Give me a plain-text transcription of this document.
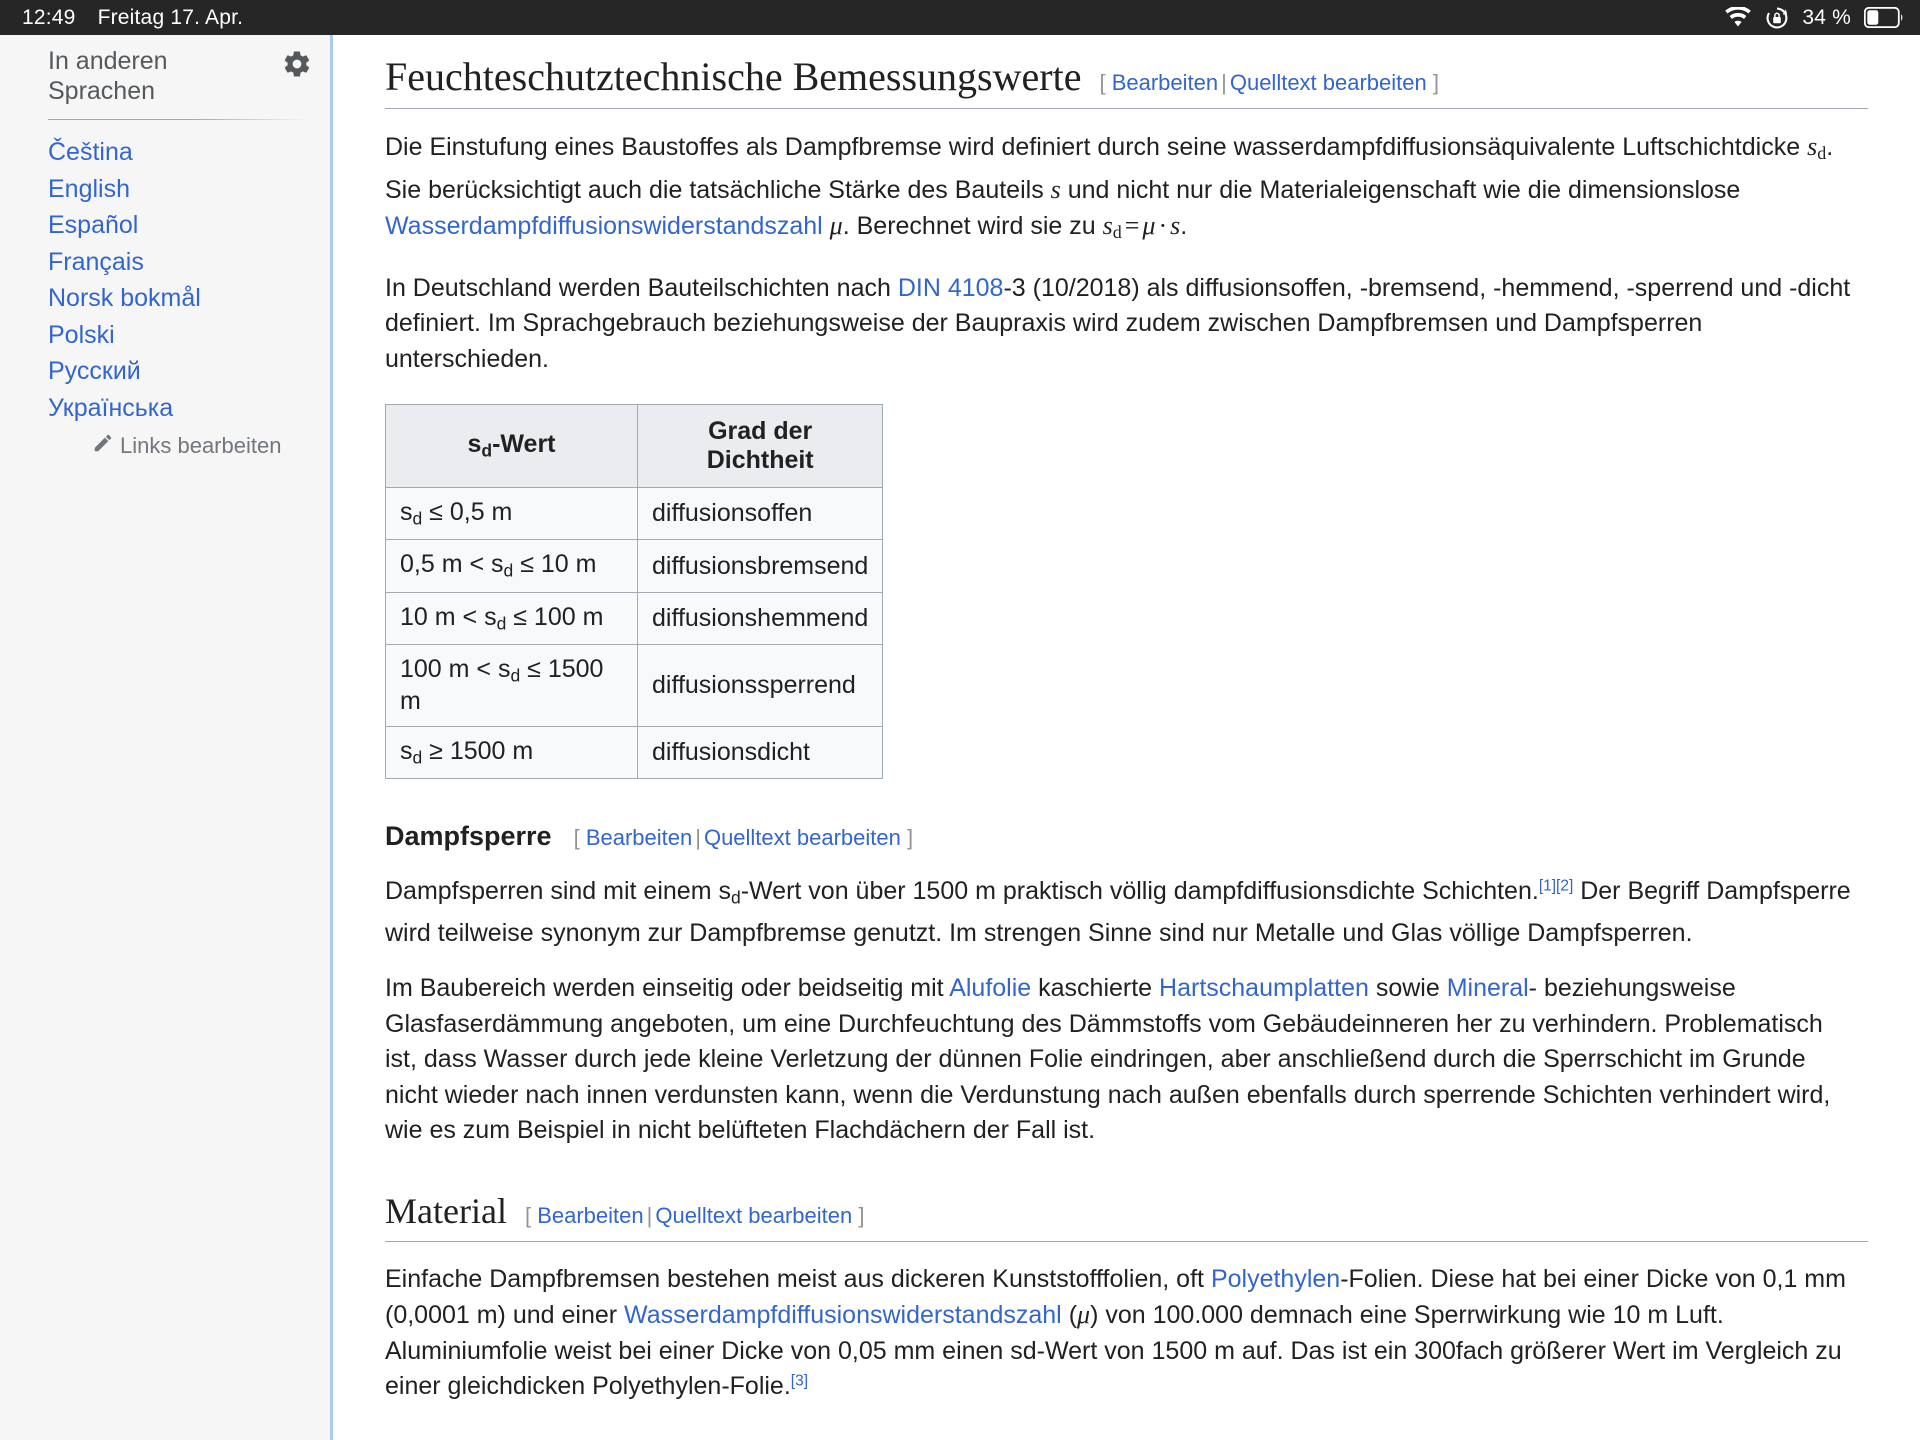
12:49 Freitag 17. Apr.	34 %
In anderen Sprachen
Čeština
English
Español
Français
Norsk bokmål
Polski
Русский
Українська
Links bearbeiten
Feuchteschutztechnische Bemessungswerte [ Bearbeiten | Quelltext bearbeiten ]

Die Einstufung eines Baustoffes als Dampfbremse wird definiert durch seine wasserdampfdiffusionsäquivalente Luftschichtdicke $s_d$. Sie berücksichtigt auch die tatsächliche Stärke des Bauteils s und nicht nur die Materialeigenschaft wie die dimensionslose Wasserdampfdiffusionswiderstandszahl μ. Berechnet wird sie zu $s_d = \mu \cdot s$.

In Deutschland werden Bauteilschichten nach DIN 4108-3 (10/2018) als diffusionsoffen, -bremsend, -hemmend, -sperrend und -dicht definiert. Im Sprachgebrauch beziehungsweise der Baupraxis wird zudem zwischen Dampfbremsen und Dampfsperren unterschieden.

$s_d$-Wert	Grad der Dichtheit
$s_d \le 0,5$ m	diffusionsoffen
0,5 $m < s_d \le 10$ m	diffusionsbremsend
10 $m < s_d \le 100$ m	diffusionshemmend
100 $m < s_d \le 1500$ m	diffusionssperrend
$s_d \ge 1500$ m	diffusionsdicht
Dampfsperre [ Bearbeiten | Quelltext bearbeiten ]

Dampfsperren sind mit einem $s_d$-Wert von über 1500 m praktisch völlig dampfdiffusionsdichte Schichten.[1][2] Der Begriff Dampfsperre wird teilweise synonym zur Dampfbremse genutzt. Im strengen Sinne sind nur Metalle und Glas völlige Dampfsperren.

Im Baubereich werden einseitig oder beidseitig mit Alufolie kaschierte Hartschaumplatten sowie Mineral- beziehungsweise Glasfaserdämmung angeboten, um eine Durchfeuchtung des Dämmstoffs vom Gebäudeinneren her zu verhindern. Problematisch ist, dass Wasser durch jede kleine Verletzung der dünnen Folie eindringen, aber anschließend durch die Sperrschicht im Grunde nicht wieder nach innen verdunsten kann, wenn die Verdunstung nach außen ebenfalls durch sperrende Schichten verhindert wird, wie es zum Beispiel in nicht belüfteten Flachdächern der Fall ist.

Material [ Bearbeiten | Quelltext bearbeiten ]

Einfache Dampfbremsen bestehen meist aus dickeren Kunststofffolien, oft Polyethylen-Folien. Diese hat bei einer Dicke von 0,1 mm (0,0001 m) und einer Wasserdampfdiffusionswiderstandszahl (μ) von 100.000 demnach eine Sperrwirkung wie 10 m Luft. Aluminiumfolie weist bei einer Dicke von 0,05 mm einen sd-Wert von 1500 m auf. Das ist ein 300fach größerer Wert im Vergleich zu einer gleichdicken Polyethylen-Folie.[3]
